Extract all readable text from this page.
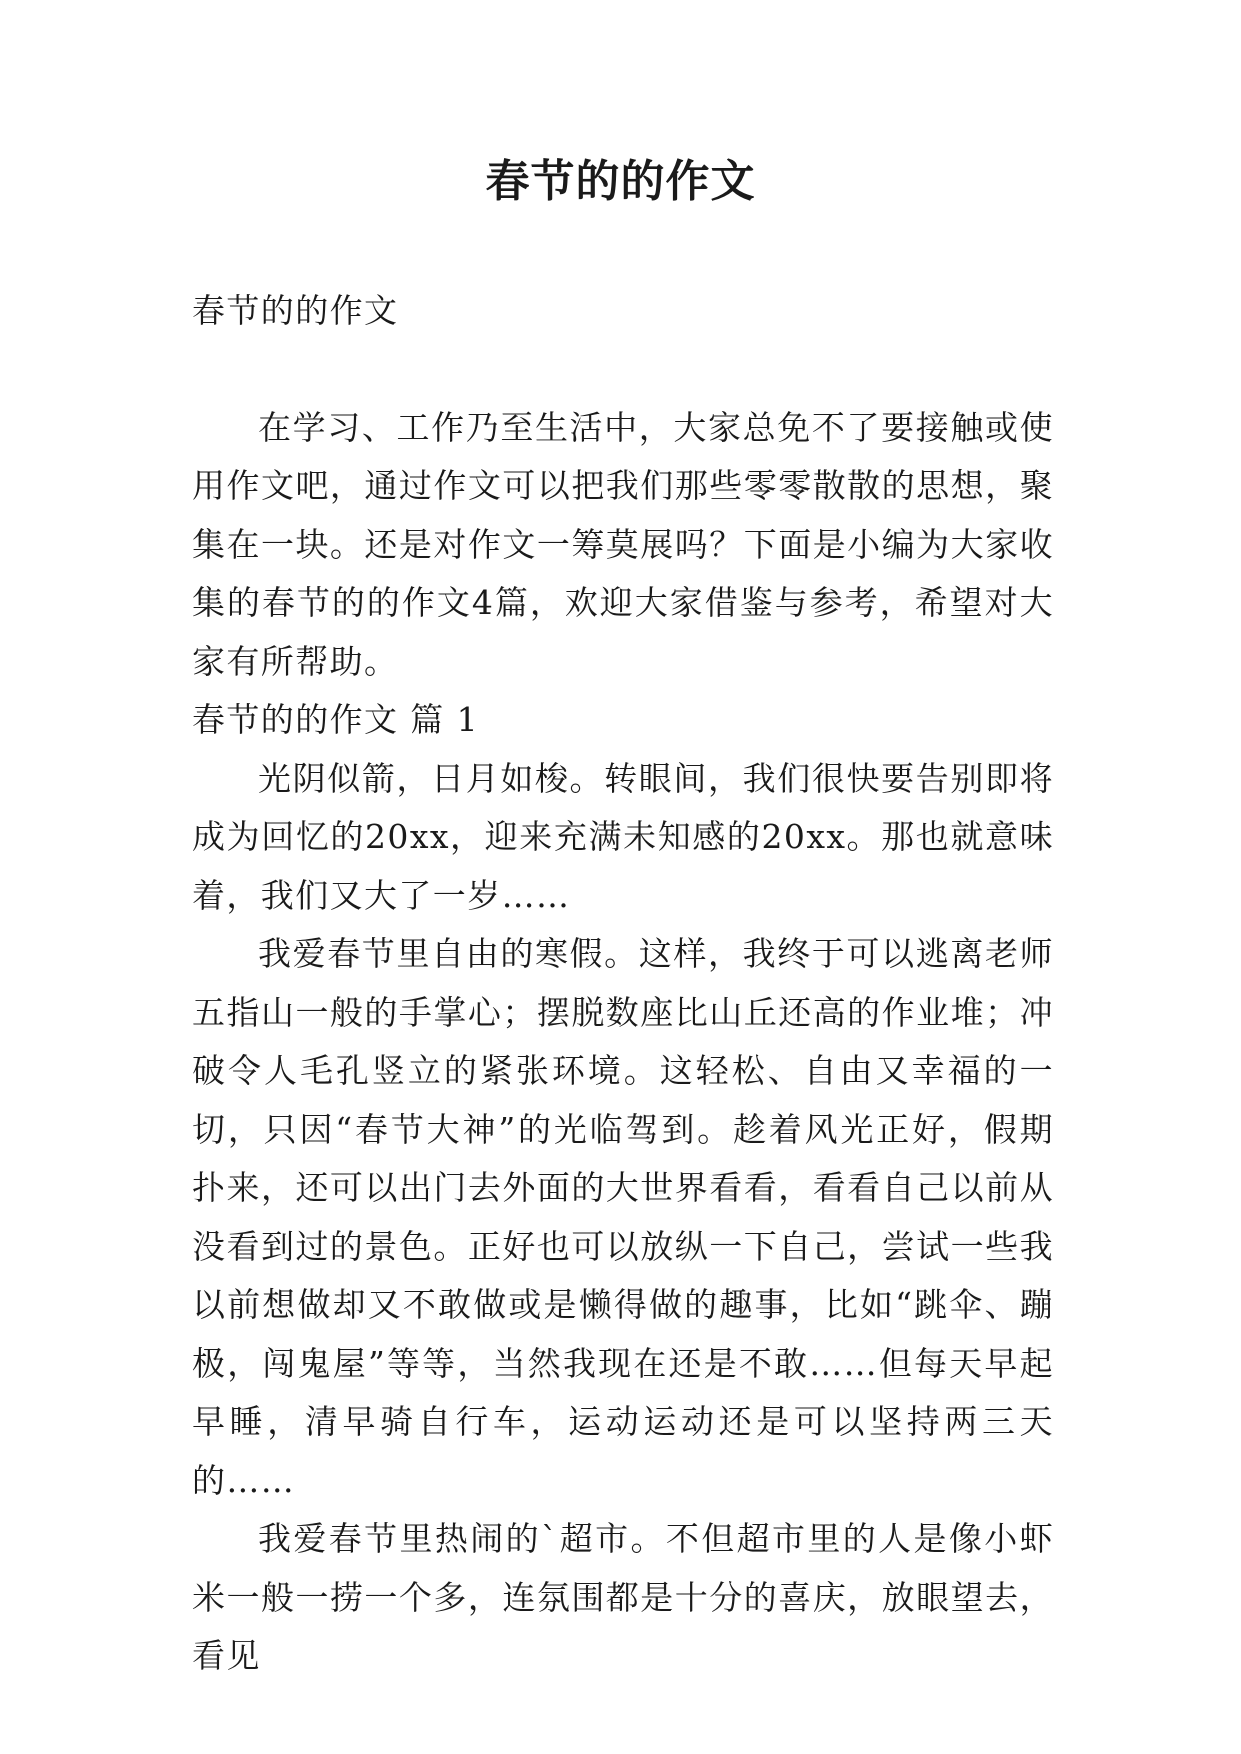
春节的的作文

春节的的作文

在学习、工作乃至生活中，大家总免不了要接触或使用作文吧，通过作文可以把我们那些零零散散的思想，聚集在一块。还是对作文一筹莫展吗？下面是小编为大家收集的春节的的作文4篇，欢迎大家借鉴与参考，希望对大家有所帮助。

春节的的作文 篇 1

光阴似箭，日月如梭。转眼间，我们很快要告别即将成为回忆的20xx，迎来充满未知感的20xx。那也就意味着，我们又大了一岁……

我爱春节里自由的寒假。这样，我终于可以逃离老师五指山一般的手掌心；摆脱数座比山丘还高的作业堆；冲破令人毛孔竖立的紧张环境。这轻松、自由又幸福的一切，只因“春节大神”的光临驾到。趁着风光正好，假期扑来，还可以出门去外面的大世界看看，看看自己以前从没看到过的景色。正好也可以放纵一下自己，尝试一些我以前想做却又不敢做或是懒得做的趣事，比如“跳伞、蹦极，闯鬼屋”等等，当然我现在还是不敢……但每天早起早睡，清早骑自行车，运动运动还是可以坚持两三天的……

我爱春节里热闹的`超市。不但超市里的人是像小虾米一般一捞一个多，连氛围都是十分的喜庆，放眼望去，看见
